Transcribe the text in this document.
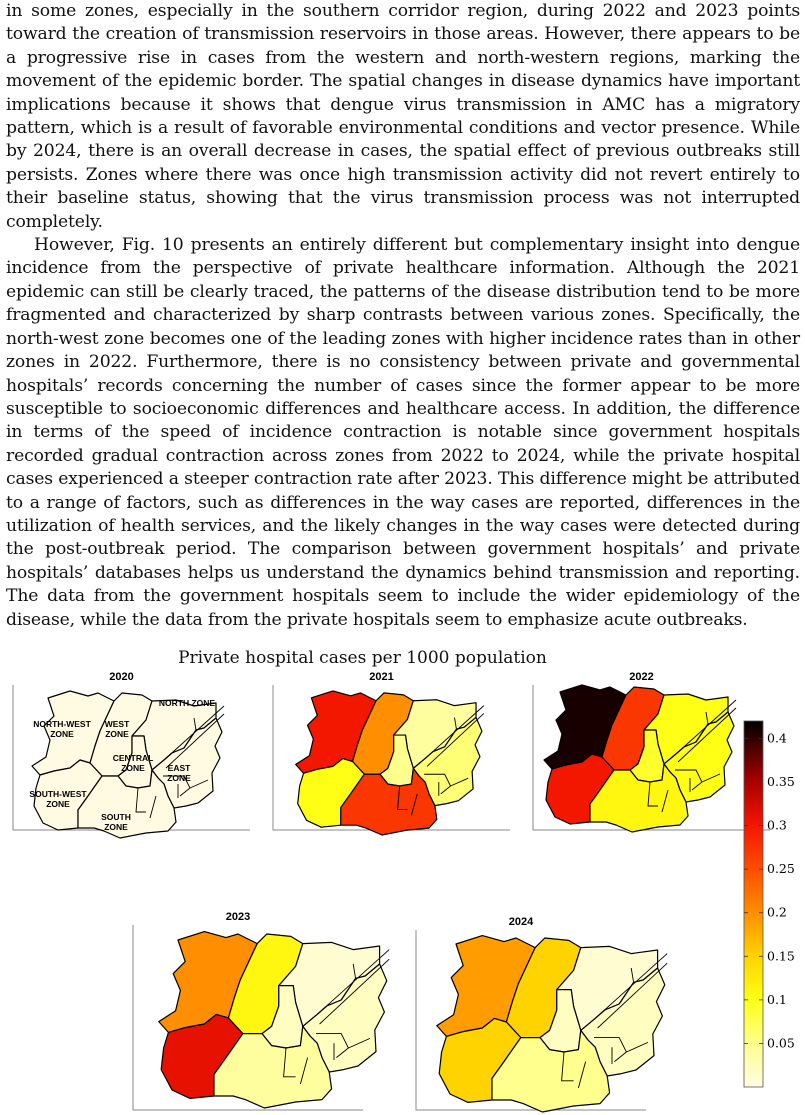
in some zones, especially in the southern corridor region, during 2022 and 2023 points toward the creation of transmission reservoirs in those areas. However, there appears to be a progressive rise in cases from the western and north-western regions, marking the movement of the epidemic border. The spatial changes in disease dynamics have important implications because it shows that dengue virus transmission in AMC has a migratory pattern, which is a result of favorable environmental conditions and vector presence. While by 2024, there is an overall decrease in cases, the spatial effect of previous outbreaks still persists. Zones where there was once high transmission activity did not revert entirely to their baseline status, showing that the virus transmission process was not interrupted completely.

However, Fig. 10 presents an entirely different but complementary insight into dengue incidence from the perspective of private healthcare information. Although the 2021 epidemic can still be clearly traced, the patterns of the disease distribution tend to be more fragmented and characterized by sharp contrasts between various zones. Specifically, the north-west zone becomes one of the leading zones with higher incidence rates than in other zones in 2022. Furthermore, there is no consistency between private and governmental hospitals’ records concerning the number of cases since the former appear to be more susceptible to socioeconomic differences and healthcare access. In addition, the difference in terms of the speed of incidence contraction is notable since government hospitals recorded gradual contraction across zones from 2022 to 2024, while the private hospital cases experienced a steeper contraction rate after 2023. This difference might be attributed to a range of factors, such as differences in the way cases are reported, differences in the utilization of health services, and the likely changes in the way cases were detected during the post-outbreak period. The comparison between government hospitals’ and private hospitals’ databases helps us understand the dynamics behind transmission and reporting. The data from the government hospitals seem to include the wider epidemiology of the disease, while the data from the private hospitals seem to emphasize acute outbreaks.

Private hospital cases per 1000 population
2020	2021	2022
2023	2024
NORTH-WEST
ZONE
WEST
ZONE
NORTH ZONE
CENTRAL
ZONE	EAST
ZONE
SOUTH-WEST
ZONE
SOUTH
ZONE
0.05
0.1
0.15
0.2
0.25
0.3
0.35
0.4
